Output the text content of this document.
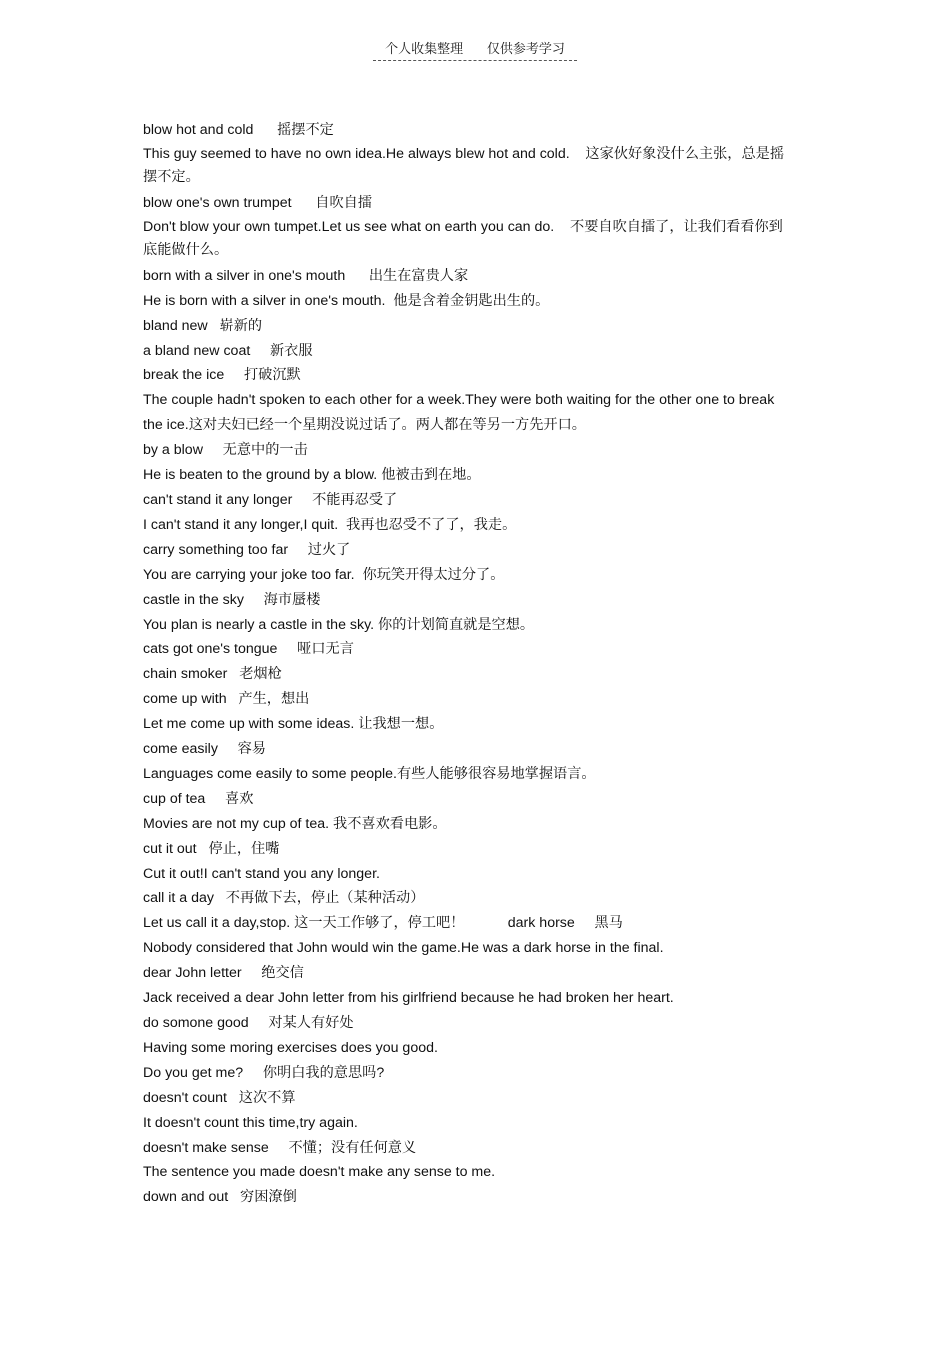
个人收集整理 仅供参考学习

blow hot and cold      摇摆不定

This guy seemed to have no own idea.He always blew hot and cold.    这家伙好象没什么主张，总是摇摆不定。

blow one's own trumpet      自吹自擂

Don't blow your own tumpet.Let us see what on earth you can do.    不要自吹自擂了，让我们看看你到底能做什么。

born with a silver in one's mouth      出生在富贵人家

He is born with a silver in one's mouth.  他是含着金钥匙出生的。

bland new   崭新的

a bland new coat     新衣服

break the ice     打破沉默

The couple hadn't spoken to each other for a week.They were both waiting for the other one to break the ice.这对夫妇已经一个星期没说过话了。两人都在等另一方先开口。

by a blow     无意中的一击

He is beaten to the ground by a blow. 他被击到在地。

can't stand it any longer     不能再忍受了

I can't stand it any longer,I quit.  我再也忍受不了了，我走。

carry something too far     过火了

You are carrying your joke too far.  你玩笑开得太过分了。

castle in the sky     海市蜃楼

You plan is nearly a castle in the sky. 你的计划简直就是空想。

cats got one's tongue     哑口无言

chain smoker   老烟枪

come up with   产生，想出

Let me come up with some ideas. 让我想一想。

come easily     容易

Languages come easily to some people.有些人能够很容易地掌握语言。

cup of tea     喜欢

Movies are not my cup of tea. 我不喜欢看电影。

cut it out   停止，住嘴

Cut it out!I can't stand you any longer.

call it a day   不再做下去，停止（某种活动）

Let us call it a day,stop. 这一天工作够了，停工吧！           dark horse     黑马

Nobody considered that John would win the game.He was a dark horse in the final.

dear John letter     绝交信

Jack received a dear John letter from his girlfriend because he had broken her heart.

do somone good     对某人有好处

Having some moring exercises does you good.

Do you get me?     你明白我的意思吗?

doesn't count   这次不算

It doesn't count this time,try again.

doesn't make sense     不懂；没有任何意义

The sentence you made doesn't make any sense to me.

down and out   穷困潦倒
